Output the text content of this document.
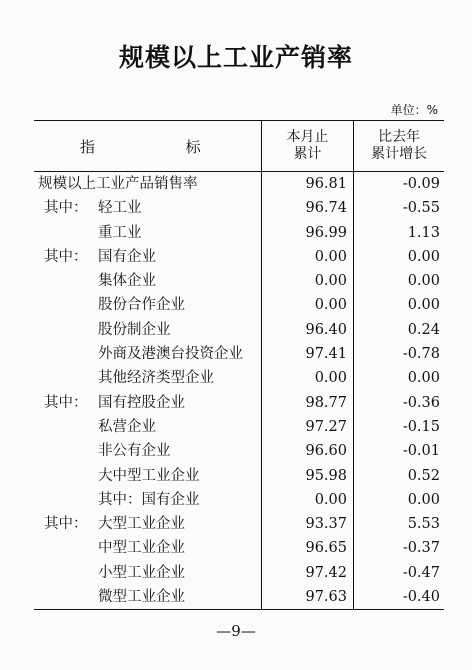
规模以上工业产销率
单位：%
指	标
本月止
累计
比去年
累计增长
规模以上工业产品销售率	96.81	-0.09
其中： 轻工业	96.74	-0.55
重工业	96.99	1.13
其中： 国有企业	0.00	0.00
集体企业	0.00	0.00
股份合作企业	0.00	0.00
股份制企业	96.40	0.24
外商及港澳台投资企业	97.41	-0.78
其他经济类型企业	0.00	0.00
其中： 国有控股企业	98.77	-0.36
私营企业	97.27	-0.15
非公有企业	96.60	-0.01
大中型工业企业	95.98	0.52
其中：国有企业	0.00	0.00
其中： 大型工业企业	93.37	5.53
中型工业企业	96.65	-0.37
小型工业企业	97.42	-0.47
微型工业企业	97.63	-0.40
—9—
